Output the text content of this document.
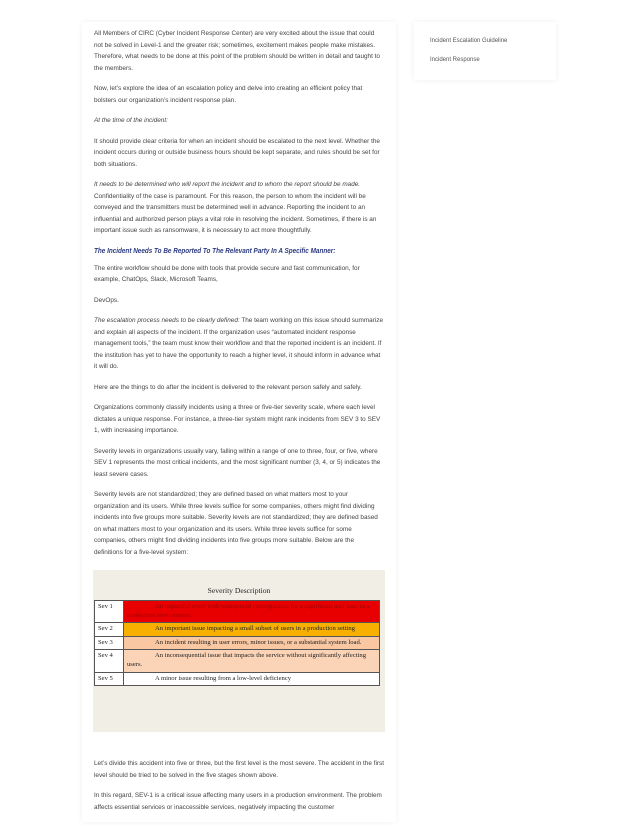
Incident Escalation Guideline
Incident Response

All Members of CIRC (Cyber Incident Response Center) are very excited about the issue that could not be solved in Level-1 and the greater risk; sometimes, excitement makes people make mistakes. Therefore, what needs to be done at this point of the problem should be written in detail and taught to the members.

Now, let’s explore the idea of an escalation policy and delve into creating an efficient policy that bolsters our organization’s incident response plan.

At the time of the incident:

It should provide clear criteria for when an incident should be escalated to the next level. Whether the incident occurs during or outside business hours should be kept separate, and rules should be set for both situations.

It needs to be determined who will report the incident and to whom the report should be made. Confidentiality of the case is paramount. For this reason, the person to whom the incident will be conveyed and the transmitters must be determined well in advance. Reporting the incident to an influential and authorized person plays a vital role in resolving the incident. Sometimes, if there is an important issue such as ransomware, it is necessary to act more thoughtfully.

The Incident Needs To Be Reported To The Relevant Party In A Specific Manner:

The entire workflow should be done with tools that provide secure and fast communication, for example, ChatOps, Slack, Microsoft Teams,

DevOps.

The escalation process needs to be clearly defined: The team working on this issue should summarize and explain all aspects of the incident. If the organization uses “automated incident response management tools,” the team must know their workflow and that the reported incident is an incident. If the institution has yet to have the opportunity to reach a higher level, it should inform in advance what it will do.

Here are the things to do after the incident is delivered to the relevant person safely and safely.

Organizations commonly classify incidents using a three or five-tier severity scale, where each level dictates a unique response. For instance, a three-tier system might rank incidents from SEV 3 to SEV 1, with increasing importance.

Severity levels in organizations usually vary, falling within a range of one to three, four, or five, where SEV 1 represents the most critical incidents, and the most significant number (3, 4, or 5) indicates the least severe cases.

Severity levels are not standardized; they are defined based on what matters most to your organization and its users. While three levels suffice for some companies, others might find dividing incidents into five groups more suitable. Severity levels are not standardized; they are defined based on what matters most to your organization and its users. While three levels suffice for some companies, others might find dividing incidents into five groups more suitable. Below are the definitions for a five-level system:

Severity Description
Sev 1	An impactful event with widespread consequences for a significant user base in a production environment.
Sev 2	An important issue impacting a small subset of users in a production setting
Sev 3	An incident resulting in user errors, minor issues, or a substantial system load.
Sev 4	An inconsequential issue that impacts the service without significantly affecting users.
Sev 5	A minor issue resulting from a low-level deficiency

Let’s divide this accident into five or three, but the first level is the most severe. The accident in the first level should be tried to be solved in the five stages shown above.

In this regard, SEV-1 is a critical issue affecting many users in a production environment. The problem affects essential services or inaccessible services, negatively impacting the customer
